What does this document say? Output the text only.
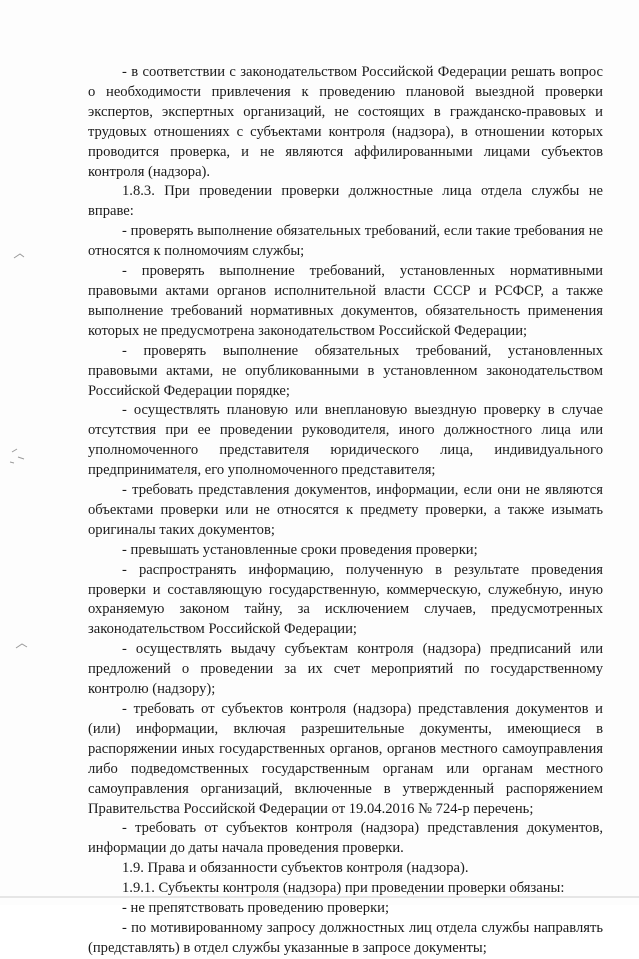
- в соответствии с законодательством Российской Федерации решать вопрос о необходимости привлечения к проведению плановой выездной проверки экспертов, экспертных организаций, не состоящих в гражданско-правовых и трудовых отношениях с субъектами контроля (надзора), в отношении которых проводится проверка, и не являются аффилированными лицами субъектов контроля (надзора).

1.8.3. При проведении проверки должностные лица отдела службы не вправе:

- проверять выполнение обязательных требований, если такие требования не относятся к полномочиям службы;

- проверять выполнение требований, установленных нормативными правовыми актами органов исполнительной власти СССР и РСФСР, а также выполнение требований нормативных документов, обязательность применения которых не предусмотрена законодательством Российской Федерации;

- проверять выполнение обязательных требований, установленных правовыми актами, не опубликованными в установленном законодательством Российской Федерации порядке;

- осуществлять плановую или внеплановую выездную проверку в случае отсутствия при ее проведении руководителя, иного должностного лица или уполномоченного представителя юридического лица, индивидуального предпринимателя, его уполномоченного представителя;

- требовать представления документов, информации, если они не являются объектами проверки или не относятся к предмету проверки, а также изымать оригиналы таких документов;

- превышать установленные сроки проведения проверки;

- распространять информацию, полученную в результате проведения проверки и составляющую государственную, коммерческую, служебную, иную охраняемую законом тайну, за исключением случаев, предусмотренных законодательством Российской Федерации;

- осуществлять выдачу субъектам контроля (надзора) предписаний или предложений о проведении за их счет мероприятий по государственному контролю (надзору);

- требовать от субъектов контроля (надзора) представления документов и (или) информации, включая разрешительные документы, имеющиеся в распоряжении иных государственных органов, органов местного самоуправления либо подведомственных государственным органам или органам местного самоуправления организаций, включенные в утвержденный распоряжением Правительства Российской Федерации от 19.04.2016 № 724-р перечень;

- требовать от субъектов контроля (надзора) представления документов, информации до даты начала проведения проверки.

1.9. Права и обязанности субъектов контроля (надзора).

1.9.1. Субъекты контроля (надзора) при проведении проверки обязаны:

- не препятствовать проведению проверки;

- по мотивированному запросу должностных лиц отдела службы направлять (представлять) в отдел службы указанные в запросе документы;
